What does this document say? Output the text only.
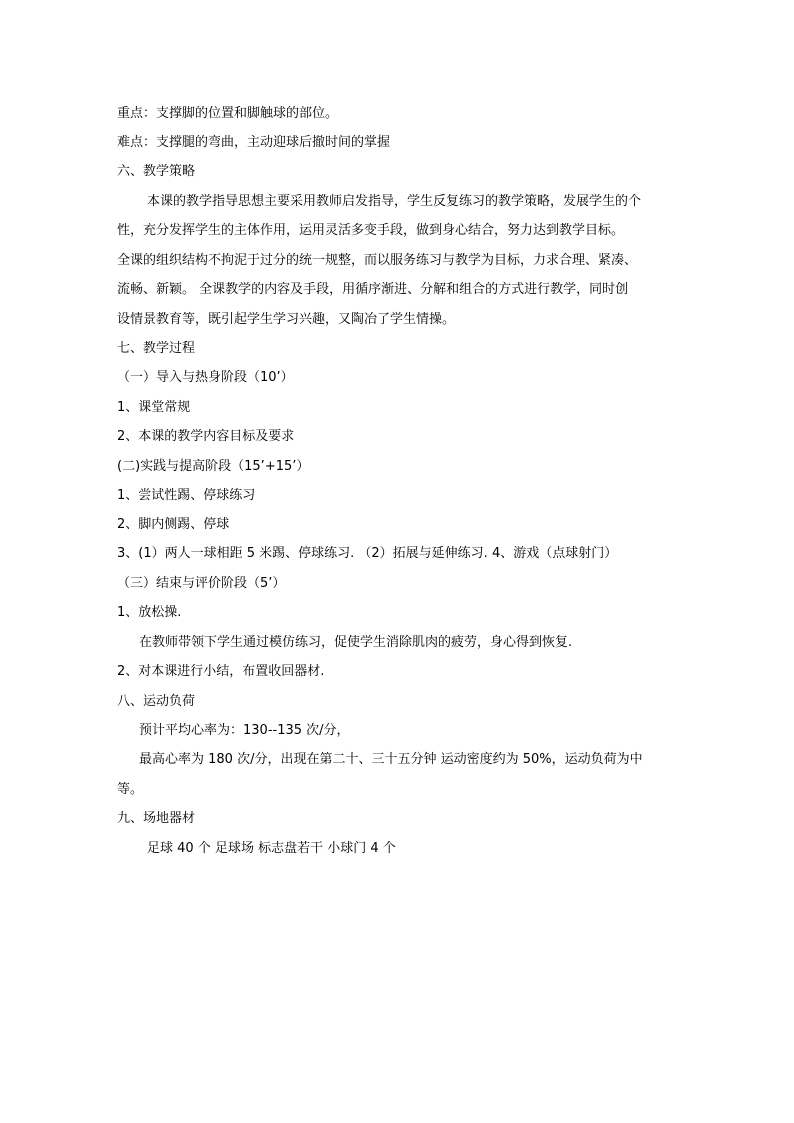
重点：支撑脚的位置和脚触球的部位。
难点：支撑腿的弯曲，主动迎球后撤时间的掌握
六、教学策略
本课的教学指导思想主要采用教师启发指导，学生反复练习的教学策略，发展学生的个
性，充分发挥学生的主体作用，运用灵活多变手段，做到身心结合，努力达到教学目标。
全课的组织结构不拘泥于过分的统一规整，而以服务练习与教学为目标，力求合理、紧凑、
流畅、新颖。 全课教学的内容及手段，用循序渐进、分解和组合的方式进行教学，同时创
设情景教育等，既引起学生学习兴趣，又陶冶了学生情操。
七、教学过程
（一）导入与热身阶段（10’）
1、课堂常规
2、本课的教学内容目标及要求
(二)实践与提高阶段（15’+15’）
1、尝试性踢、停球练习
2、脚内侧踢、停球
3、(1）两人一球相距 5 米踢、停球练习. （2）拓展与延伸练习. 4、游戏（点球射门）
（三）结束与评价阶段（5’）
1、放松操.
在教师带领下学生通过模仿练习，促使学生消除肌肉的疲劳，身心得到恢复.
2、对本课进行小结，布置收回器材.
八、运动负荷
预计平均心率为：130--135 次/分，
最高心率为 180 次/分，出现在第二十、三十五分钟 运动密度约为 50%，运动负荷为中
等。
九、场地器材
足球 40 个 足球场 标志盘若干 小球门 4 个
